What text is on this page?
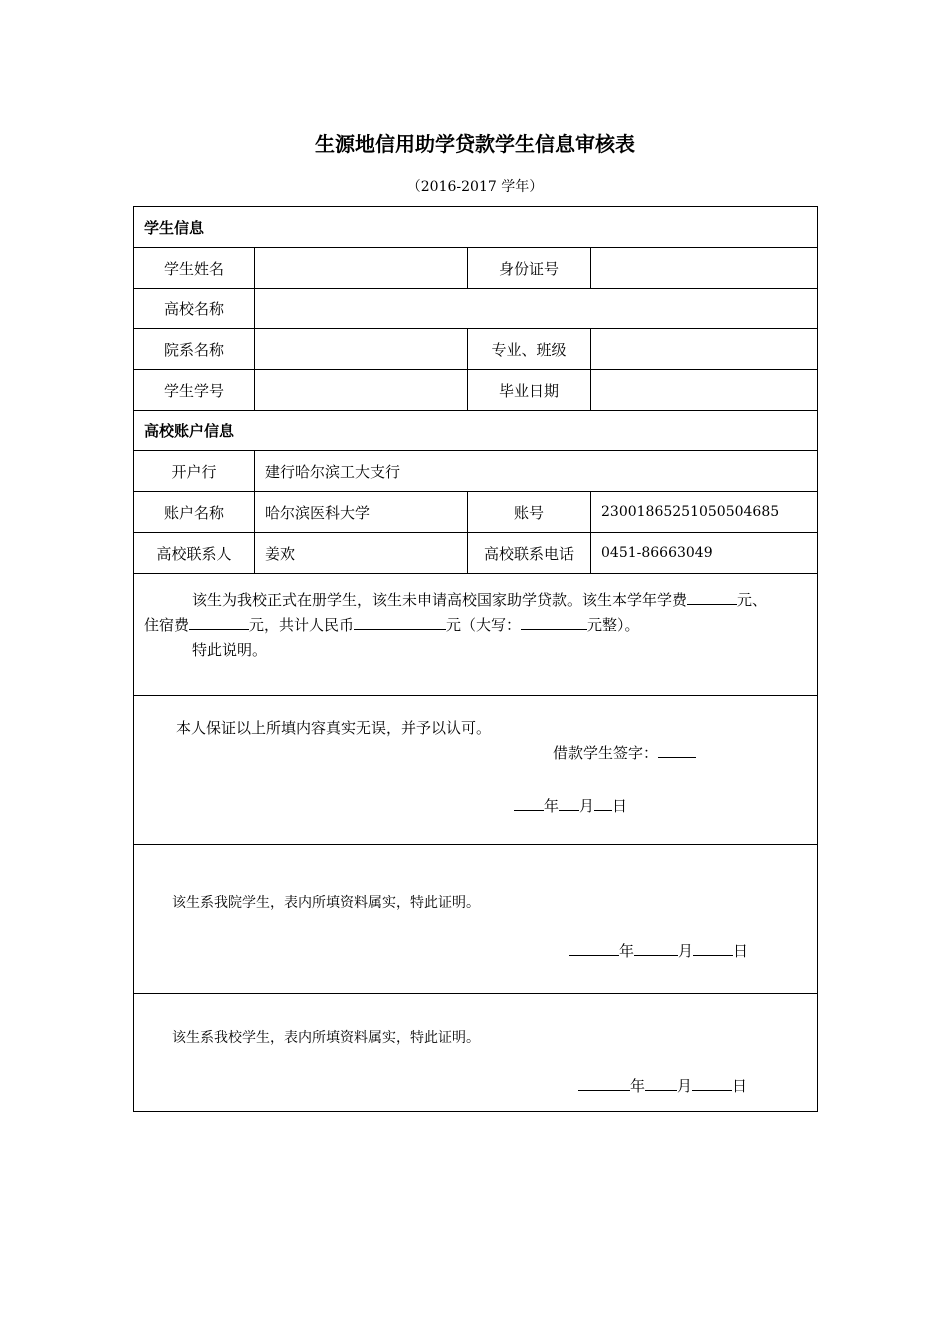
生源地信用助学贷款学生信息审核表
（2016-2017 学年）
学生信息
学生姓名	身份证号
高校名称
院系名称	专业、班级
学生学号	毕业日期
高校账户信息
开户行	建行哈尔滨工大支行
账户名称	哈尔滨医科大学	账号	23001865251050504685
高校联系人	姜欢	高校联系电话	0451-86663049
该生为我校正式在册学生，该生未申请高校国家助学贷款。该生本学年学费	元、
住宿费	元，共计人民币	元（大写：	元整）。
特此说明。
本人保证以上所填内容真实无误，并予以认可。
借款学生签字：
年 月 日
该生系我院学生，表内所填资料属实，特此证明。
年	月	日
该生系我校学生，表内所填资料属实，特此证明。
年 月	日
